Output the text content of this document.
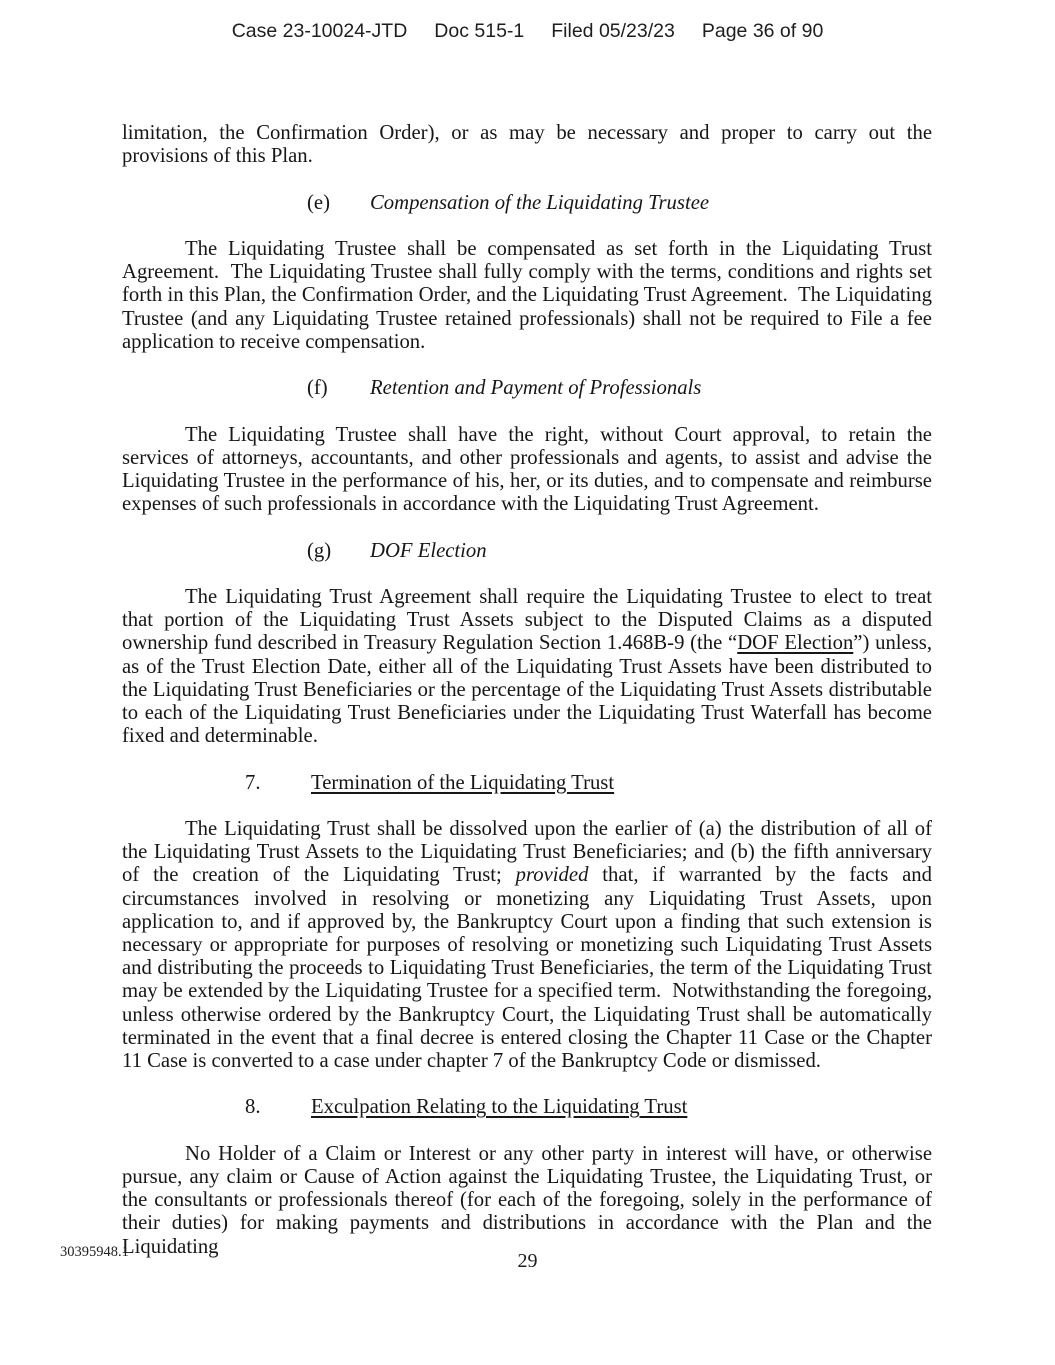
Case 23-10024-JTD Doc 515-1 Filed 05/23/23 Page 36 of 90
limitation, the Confirmation Order), or as may be necessary and proper to carry out the provisions of this Plan.
(e) Compensation of the Liquidating Trustee
The Liquidating Trustee shall be compensated as set forth in the Liquidating Trust Agreement.  The Liquidating Trustee shall fully comply with the terms, conditions and rights set forth in this Plan, the Confirmation Order, and the Liquidating Trust Agreement.  The Liquidating Trustee (and any Liquidating Trustee retained professionals) shall not be required to File a fee application to receive compensation.
(f) Retention and Payment of Professionals
The Liquidating Trustee shall have the right, without Court approval, to retain the services of attorneys, accountants, and other professionals and agents, to assist and advise the Liquidating Trustee in the performance of his, her, or its duties, and to compensate and reimburse expenses of such professionals in accordance with the Liquidating Trust Agreement.
(g) DOF Election
The Liquidating Trust Agreement shall require the Liquidating Trustee to elect to treat that portion of the Liquidating Trust Assets subject to the Disputed Claims as a disputed ownership fund described in Treasury Regulation Section 1.468B-9 (the “DOF Election”) unless, as of the Trust Election Date, either all of the Liquidating Trust Assets have been distributed to the Liquidating Trust Beneficiaries or the percentage of the Liquidating Trust Assets distributable to each of the Liquidating Trust Beneficiaries under the Liquidating Trust Waterfall has become fixed and determinable.
7. Termination of the Liquidating Trust
The Liquidating Trust shall be dissolved upon the earlier of (a) the distribution of all of the Liquidating Trust Assets to the Liquidating Trust Beneficiaries; and (b) the fifth anniversary of the creation of the Liquidating Trust; provided that, if warranted by the facts and circumstances involved in resolving or monetizing any Liquidating Trust Assets, upon application to, and if approved by, the Bankruptcy Court upon a finding that such extension is necessary or appropriate for purposes of resolving or monetizing such Liquidating Trust Assets and distributing the proceeds to Liquidating Trust Beneficiaries, the term of the Liquidating Trust may be extended by the Liquidating Trustee for a specified term.  Notwithstanding the foregoing, unless otherwise ordered by the Bankruptcy Court, the Liquidating Trust shall be automatically terminated in the event that a final decree is entered closing the Chapter 11 Case or the Chapter 11 Case is converted to a case under chapter 7 of the Bankruptcy Code or dismissed.
8. Exculpation Relating to the Liquidating Trust
No Holder of a Claim or Interest or any other party in interest will have, or otherwise pursue, any claim or Cause of Action against the Liquidating Trustee, the Liquidating Trust, or the consultants or professionals thereof (for each of the foregoing, solely in the performance of their duties) for making payments and distributions in accordance with the Plan and the Liquidating
30395948.1	29
